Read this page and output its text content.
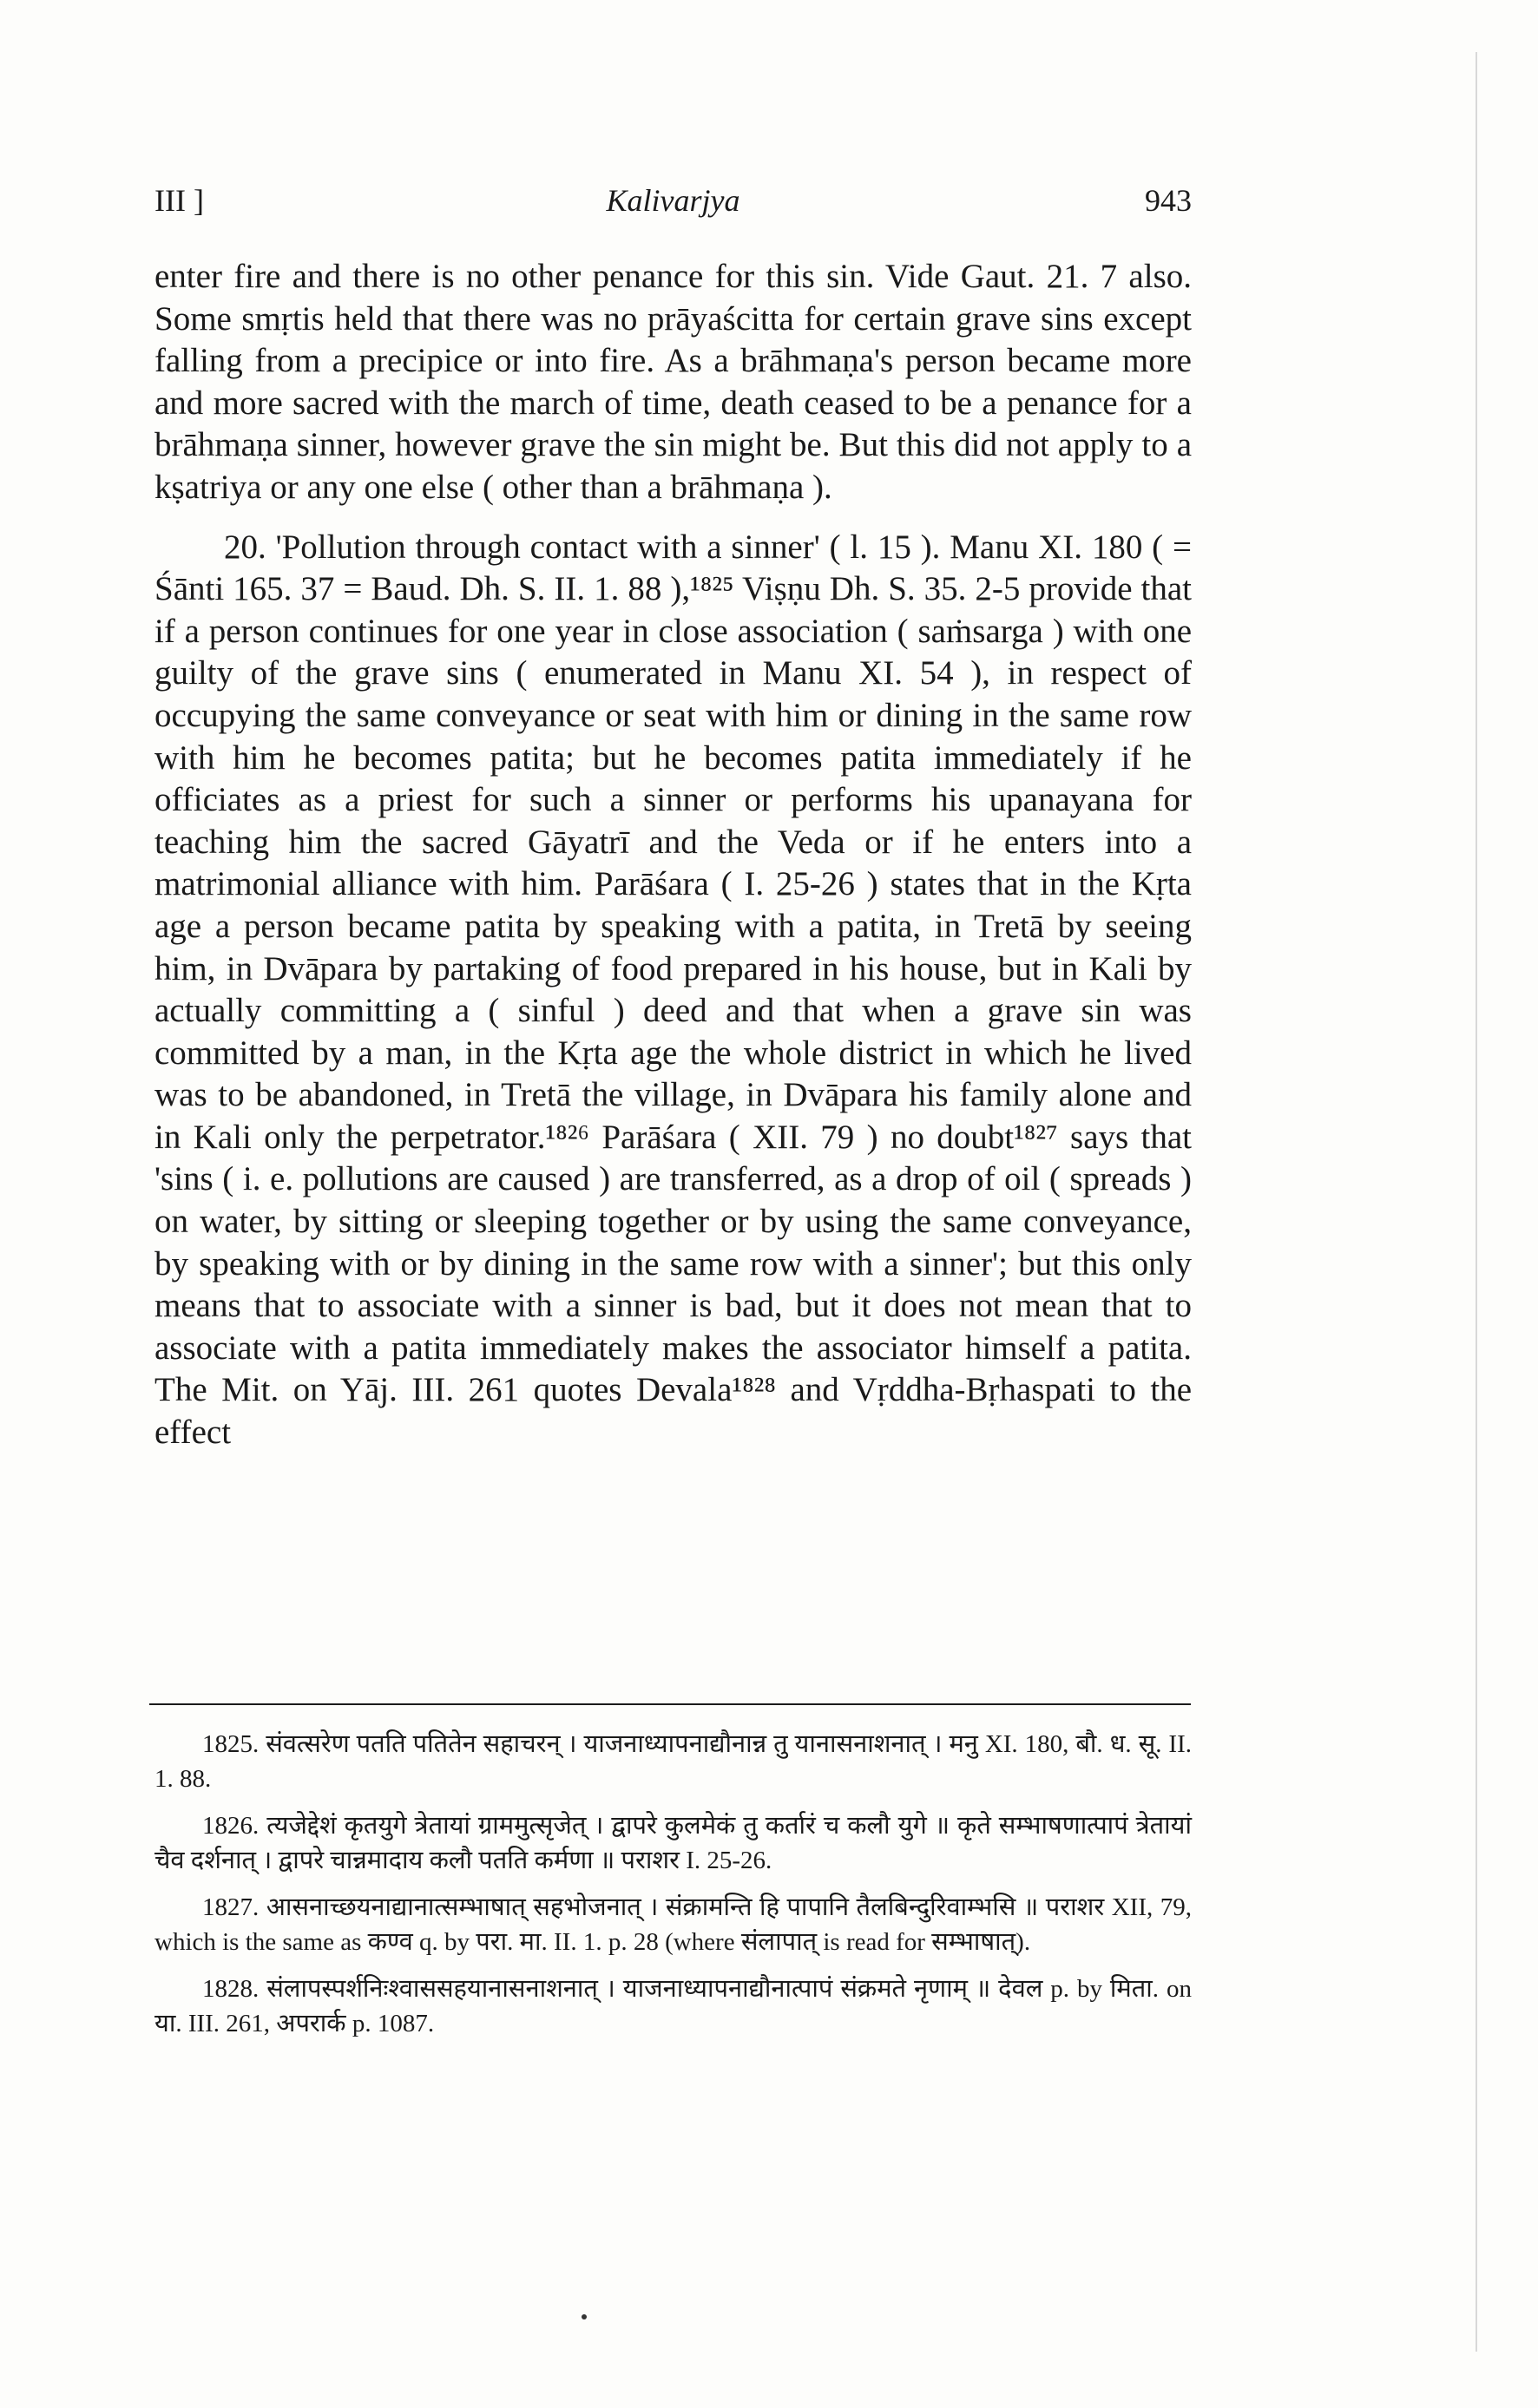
III ]	Kalivarjya	943

enter fire and there is no other penance for this sin. Vide Gaut. 21. 7 also. Some smṛtis held that there was no prāyaścitta for certain grave sins except falling from a precipice or into fire. As a brāhmaṇa's person became more and more sacred with the march of time, death ceased to be a penance for a brāhmaṇa sinner, however grave the sin might be. But this did not apply to a kṣatriya or any one else ( other than a brāhmaṇa ).

20. 'Pollution through contact with a sinner' ( l. 15 ). Manu XI. 180 ( = Śānti 165. 37 = Baud. Dh. S. II. 1. 88 ),¹⁸²⁵ Viṣṇu Dh. S. 35. 2-5 provide that if a person continues for one year in close association ( saṁsarga ) with one guilty of the grave sins ( enumerated in Manu XI. 54 ), in respect of occupying the same conveyance or seat with him or dining in the same row with him he becomes patita; but he becomes patita immediately if he officiates as a priest for such a sinner or performs his upanayana for teaching him the sacred Gāyatrī and the Veda or if he enters into a matrimonial alliance with him. Parāśara ( I. 25-26 ) states that in the Kṛta age a person became patita by speaking with a patita, in Tretā by seeing him, in Dvāpara by partaking of food prepared in his house, but in Kali by actually committing a ( sinful ) deed and that when a grave sin was committed by a man, in the Kṛta age the whole district in which he lived was to be abandoned, in Tretā the village, in Dvāpara his family alone and in Kali only the perpetrator.¹⁸²⁶ Parāśara ( XII. 79 ) no doubt¹⁸²⁷ says that 'sins ( i. e. pollutions are caused ) are transferred, as a drop of oil ( spreads ) on water, by sitting or sleeping together or by using the same conveyance, by speaking with or by dining in the same row with a sinner'; but this only means that to associate with a sinner is bad, but it does not mean that to associate with a patita immediately makes the associator himself a patita. The Mit. on Yāj. III. 261 quotes Devala¹⁸²⁸ and Vṛddha-Bṛhaspati to the effect

1825. संवत्सरेण पतति पतितेन सहाचरन् । याजनाध्यापनाद्यौनान्न तु यानासनाशनात् । मनु XI. 180, बौ. ध. सू. II. 1. 88.

1826. त्यजेद्देशं कृतयुगे त्रेतायां ग्राममुत्सृजेत् । द्वापरे कुलमेकं तु कर्तारं च कलौ युगे ॥ कृते सम्भाषणात्पापं त्रेतायां चैव दर्शनात् । द्वापरे चान्नमादाय कलौ पतति कर्मणा ॥ पराशर I. 25-26.

1827. आसनाच्छयनाद्यानात्सम्भाषात् सहभोजनात् । संक्रामन्ति हि पापानि तैलबिन्दुरिवाम्भसि ॥ पराशर XII, 79, which is the same as कण्व q. by परा. मा. II. 1. p. 28 (where संलापात् is read for सम्भाषात्).

1828. संलापस्पर्शनिःश्वाससहयानासनाशनात् । याजनाध्यापनाद्यौनात्पापं संक्रमते नृणाम् ॥ देवल p. by मिता. on या. III. 261, अपरार्क p. 1087.
